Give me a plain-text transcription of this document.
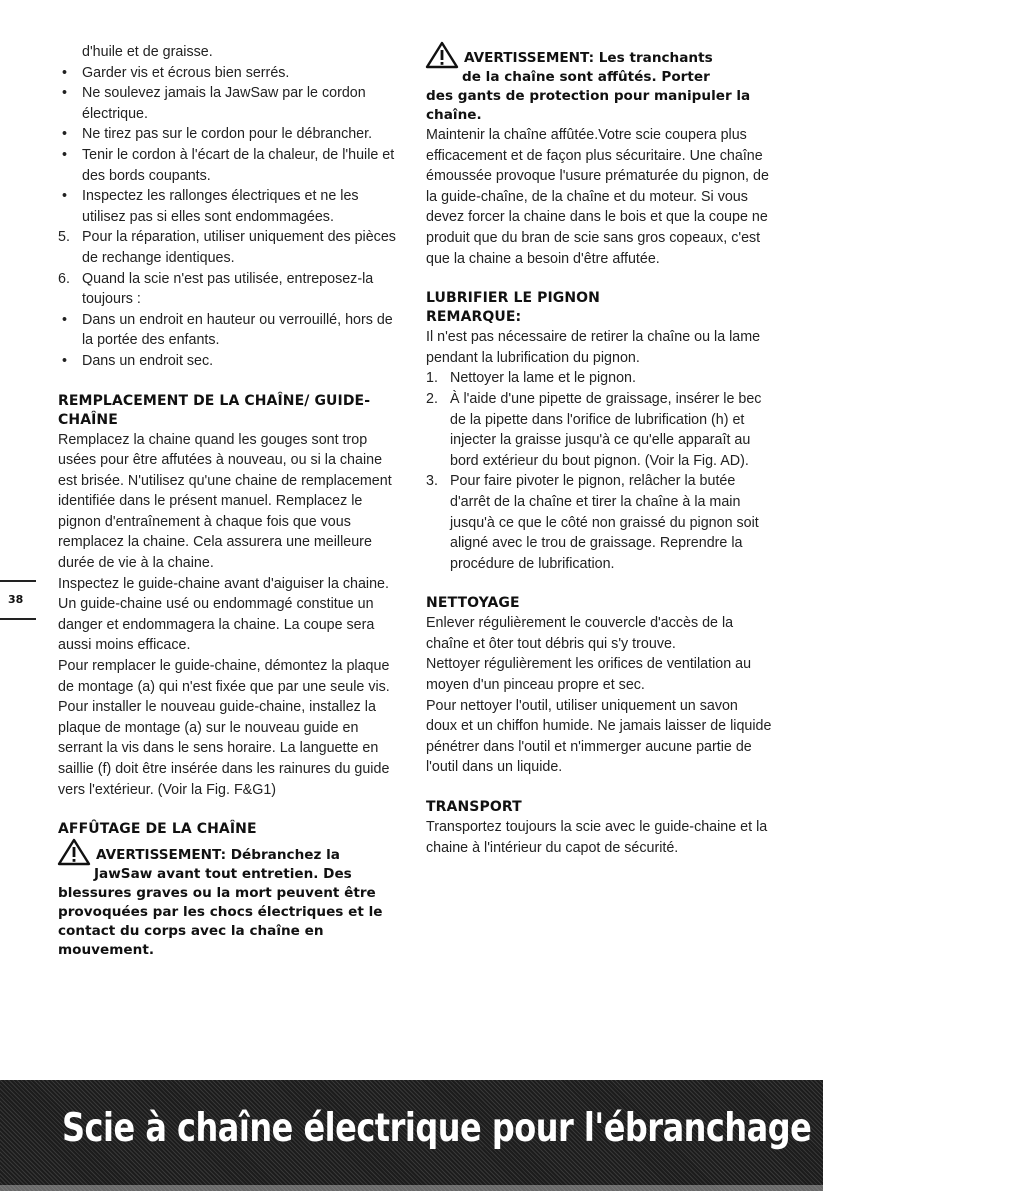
d'huile et de graisse.

• Garder vis et écrous bien serrés.
• Ne soulevez jamais la JawSaw par le cordon électrique.
• Ne tirez pas sur le cordon pour le débrancher.
• Tenir le cordon à l'écart de la chaleur, de l'huile et des bords coupants.
• Inspectez les rallonges électriques et ne les utilisez pas si elles sont endommagées.
5. Pour la réparation, utiliser uniquement des pièces de rechange identiques.
6. Quand la scie n'est pas utilisée, entreposez-la toujours :
• Dans un endroit en hauteur ou verrouillé, hors de la portée des enfants.
• Dans un endroit sec.
REMPLACEMENT DE LA CHAÎNE/ GUIDE-CHAÎNE

Remplacez la chaine quand les gouges sont trop usées pour être affutées à nouveau, ou si la chaine est brisée. N'utilisez qu'une chaine de remplacement identifiée dans le présent manuel. Remplacez le pignon d'entraînement à chaque fois que vous remplacez la chaine. Cela assurera une meilleure durée de vie à la chaine.

Inspectez le guide-chaine avant d'aiguiser la chaine. Un guide-chaine usé ou endommagé constitue un danger et endommagera la chaine. La coupe sera aussi moins efficace.

Pour remplacer le guide-chaine, démontez la plaque de montage (a) qui n'est fixée que par une seule vis.

Pour installer le nouveau guide-chaine, installez la plaque de montage (a) sur le nouveau guide en serrant la vis dans le sens horaire. La languette en saillie (f) doit être insérée dans les rainures du guide vers l'extérieur. (Voir la Fig. F&G1)

AFFÛTAGE DE LA CHAÎNE
AVERTISSEMENT: Débranchez la
JawSaw avant tout entretien. Des
blessures graves ou la mort peuvent être provoquées par les chocs électriques et le contact du corps avec la chaîne en mouvement.
AVERTISSEMENT: Les tranchants
de la chaîne sont affûtés. Porter
des gants de protection pour manipuler la chaîne.

Maintenir la chaîne affûtée.Votre scie coupera plus efficacement et de façon plus sécuritaire. Une chaîne émoussée provoque l'usure prématurée du pignon, de la guide-chaîne, de la chaîne et du moteur. Si vous devez forcer la chaine dans le bois et que la coupe ne produit que du bran de scie sans gros copeaux, c'est que la chaine a besoin d'être affutée.

LUBRIFIER LE PIGNON
REMARQUE:

Il n'est pas nécessaire de retirer la chaîne ou la lame pendant la lubrification du pignon.

1. Nettoyer la lame et le pignon.
2. À l'aide d'une pipette de graissage, insérer le bec de la pipette dans l'orifice de lubrification (h) et injecter la graisse jusqu'à ce qu'elle apparaît au bord extérieur du bout pignon. (Voir la Fig. AD).
3. Pour faire pivoter le pignon, relâcher la butée d'arrêt de la chaîne et tirer la chaîne à la main jusqu'à ce que le côté non graissé du pignon soit aligné avec le trou de graissage. Reprendre la procédure de lubrification.
NETTOYAGE

Enlever régulièrement le couvercle d'accès de la chaîne et ôter tout débris qui s'y trouve.

Nettoyer régulièrement les orifices de ventilation au moyen d'un pinceau propre et sec.

Pour nettoyer l'outil, utiliser uniquement un savon doux et un chiffon humide. Ne jamais laisser de liquide pénétrer dans l'outil et n'immerger aucune partie de l'outil dans un liquide.

TRANSPORT

Transportez toujours la scie avec le guide-chaine et la chaine à l'intérieur du capot de sécurité.

38
Scie à chaîne électrique pour l'ébranchage et la taille F
